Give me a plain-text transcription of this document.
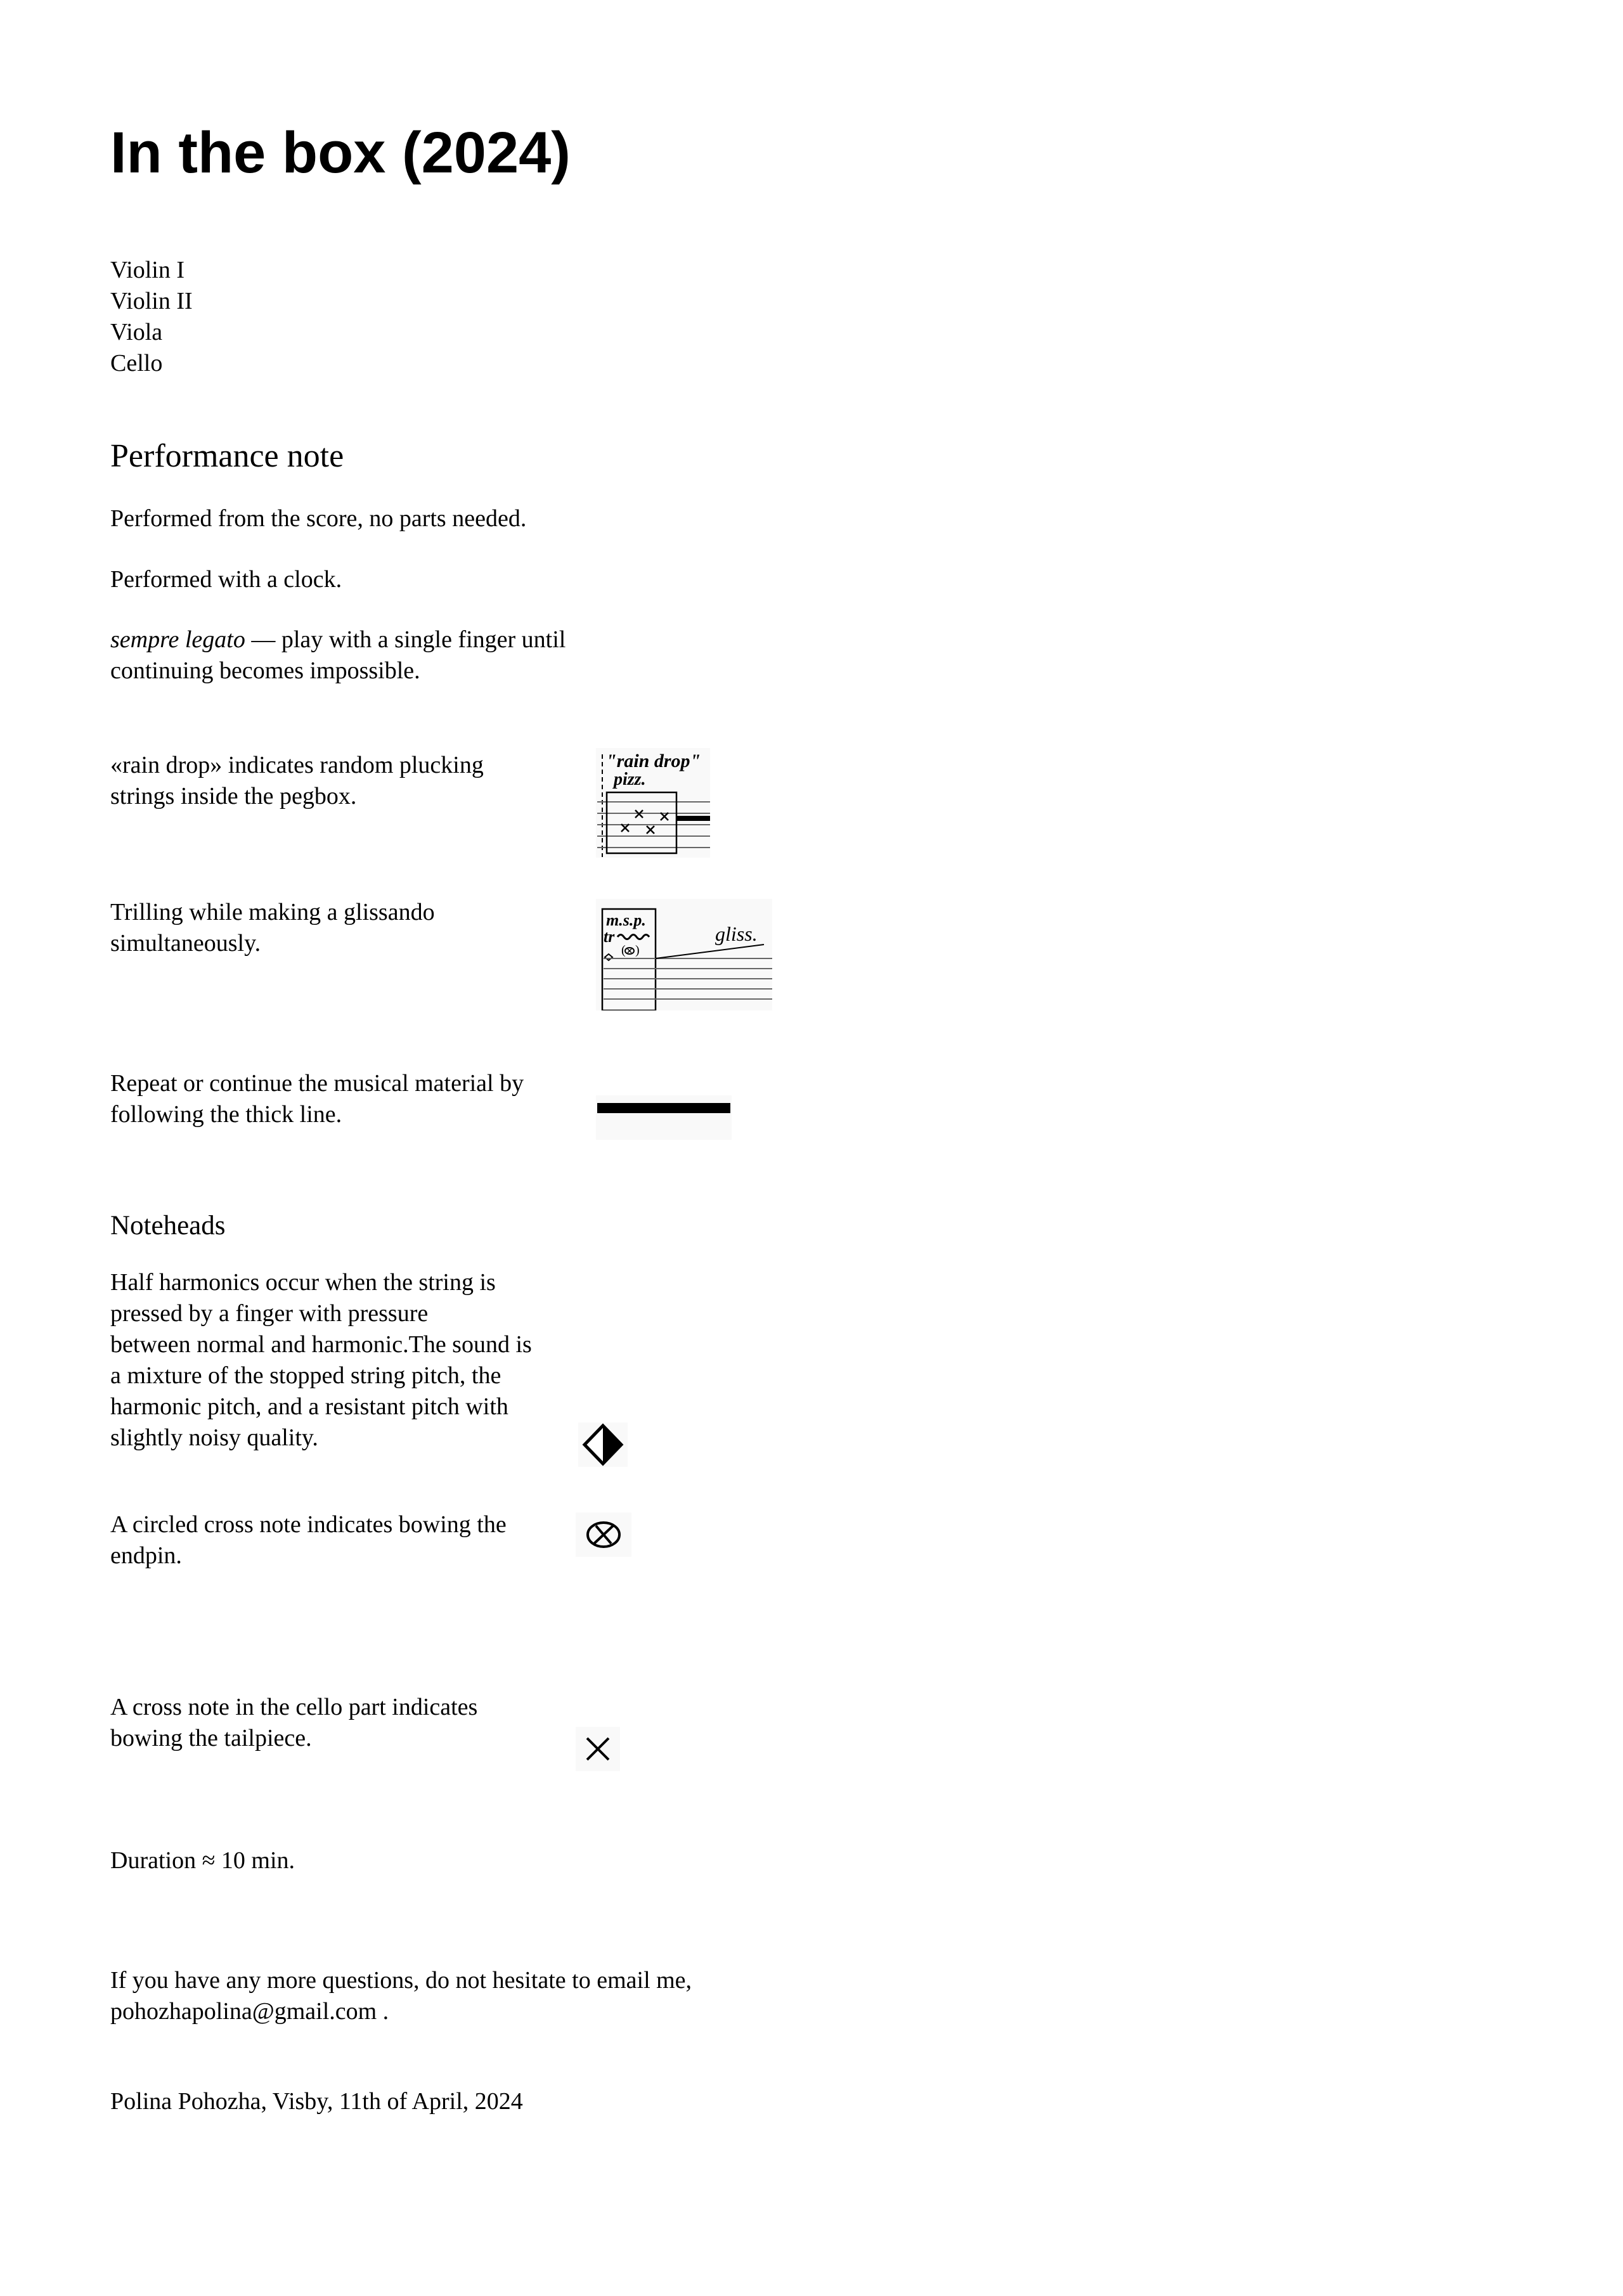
In the box (2024)
Violin I
Violin II
Viola
Cello
Performance note
Performed from the score, no parts needed.
Performed with a clock.
sempre legato — play with a single finger until
continuing becomes impossible.
«rain drop» indicates random plucking
strings inside the pegbox.
"rain drop"
pizz.
Trilling while making a glissando
simultaneously.
m.s.p.
tr
( )
gliss.
Repeat or continue the musical material by
following the thick line.
Noteheads
Half harmonics occur when the string is
pressed by a finger with pressure
between normal and harmonic.The sound is
a mixture of the stopped string pitch, the
harmonic pitch, and a resistant pitch with
slightly noisy quality.
A circled cross note indicates bowing the
endpin.
A cross note in the cello part indicates
bowing the tailpiece.
Duration ≈ 10 min.
If you have any more questions, do not hesitate to email me,
pohozhapolina@gmail.com .
Polina Pohozha, Visby, 11th of April, 2024
